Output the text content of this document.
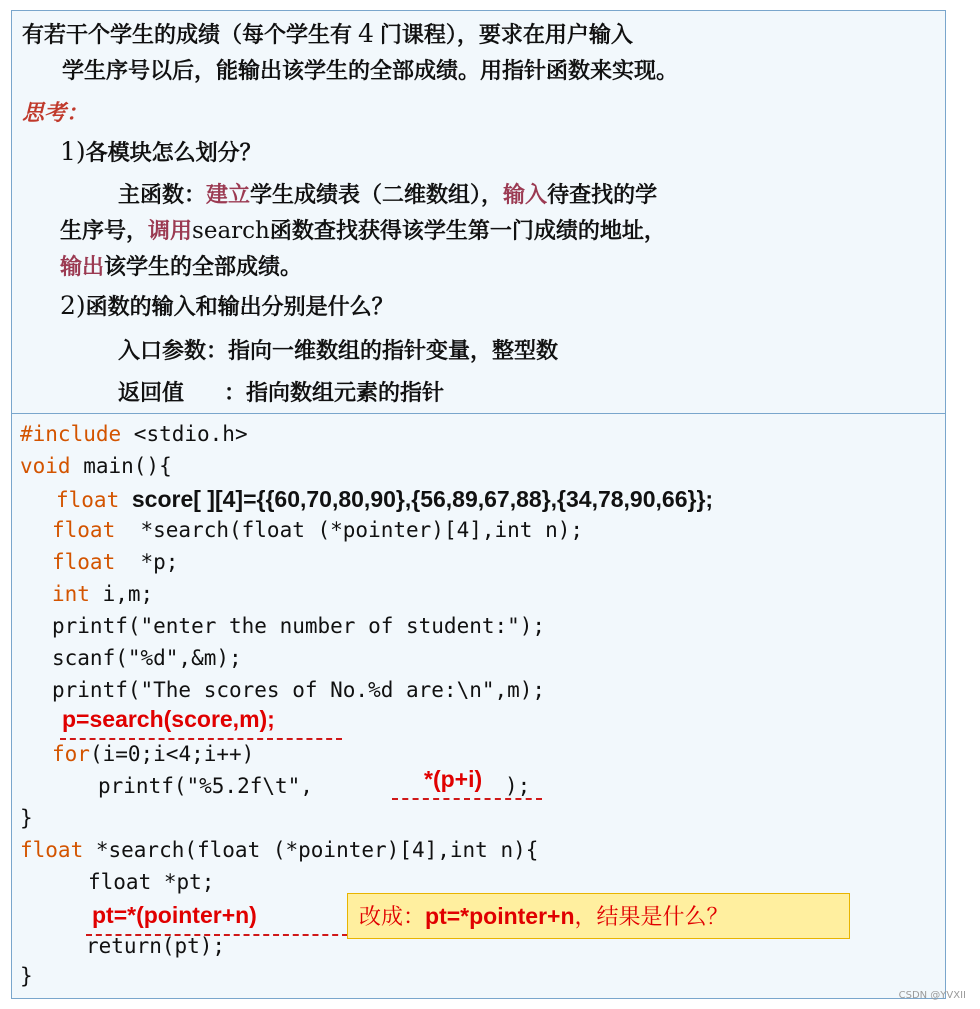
有若干个学生的成绩（每个学生有 4 门课程），要求在用户输入
学生序号以后，能输出该学生的全部成绩。用指针函数来实现。
思考：
1)各模块怎么划分？
主函数：建立学生成绩表（二维数组），输入待查找的学
生序号，调用search函数查找获得该学生第一门成绩的地址，
输出该学生的全部成绩。
2)函数的输入和输出分别是什么？
入口参数：指向一维数组的指针变量，整型数
返回值 ：指向数组元素的指针
#include <stdio.h>
void main(){
float score[ ][4]={{60,70,80,90},{56,89,67,88},{34,78,90,66}};
float  *search(float (*pointer)[4],int n);
float  *p;
int i,m;
printf("enter the number of student:");
scanf("%d",&m);
printf("The scores of No.%d are:\n",m);
p=search(score,m);
for(i=0;i<4;i++)
printf("%5.2f\t",	);
*(p+i)
}
float *search(float (*pointer)[4],int n){
float *pt;
pt=*(pointer+n)
return(pt);
}
改成：pt=*pointer+n，结果是什么？
CSDN @YVXII
